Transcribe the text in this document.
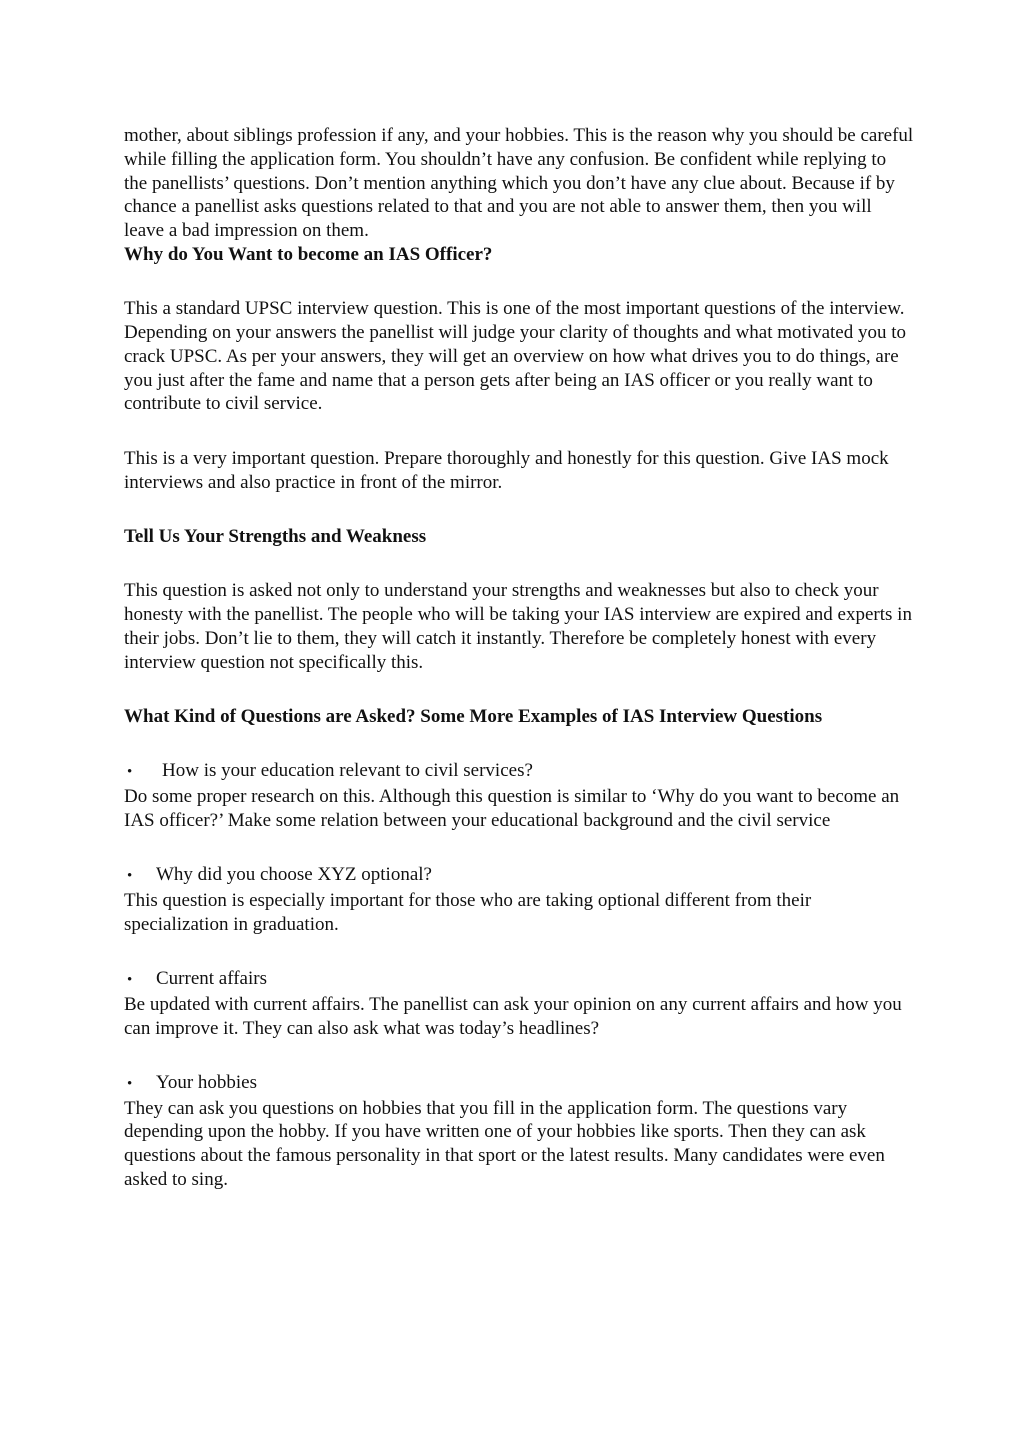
mother, about siblings profession if any, and your hobbies. This is the reason why you should be careful while filling the application form. You shouldn’t have any confusion. Be confident while replying to the panellists’ questions. Don’t mention anything which you don’t have any clue about. Because if by chance a panellist asks questions related to that and you are not able to answer them, then you will leave a bad impression on them.

Why do You Want to become an IAS Officer?

This a standard UPSC interview question. This is one of the most important questions of the interview. Depending on your answers the panellist will judge your clarity of thoughts and what motivated you to crack UPSC. As per your answers, they will get an overview on how what drives you to do things, are you just after the fame and name that a person gets after being an IAS officer or you really want to contribute to civil service.

This is a very important question. Prepare thoroughly and honestly for this question. Give IAS mock interviews and also practice in front of the mirror.

Tell Us Your Strengths and Weakness

This question is asked not only to understand your strengths and weaknesses but also to check your honesty with the panellist. The people who will be taking your IAS interview are expired and experts in their jobs. Don’t lie to them, they will catch it instantly. Therefore be completely honest with every interview question not specifically this.

What Kind of Questions are Asked? Some More Examples of IAS Interview Questions

•	How is your education relevant to civil services?

Do some proper research on this. Although this question is similar to ‘Why do you want to become an IAS officer?’ Make some relation between your educational background and the civil service

•	Why did you choose XYZ optional?

This question is especially important for those who are taking optional different from their specialization in graduation.

•	Current affairs

Be updated with current affairs. The panellist can ask your opinion on any current affairs and how you can improve it. They can also ask what was today’s headlines?

•	Your hobbies

They can ask you questions on hobbies that you fill in the application form. The questions vary depending upon the hobby. If you have written one of your hobbies like sports. Then they can ask questions about the famous personality in that sport or the latest results. Many candidates were even asked to sing.
